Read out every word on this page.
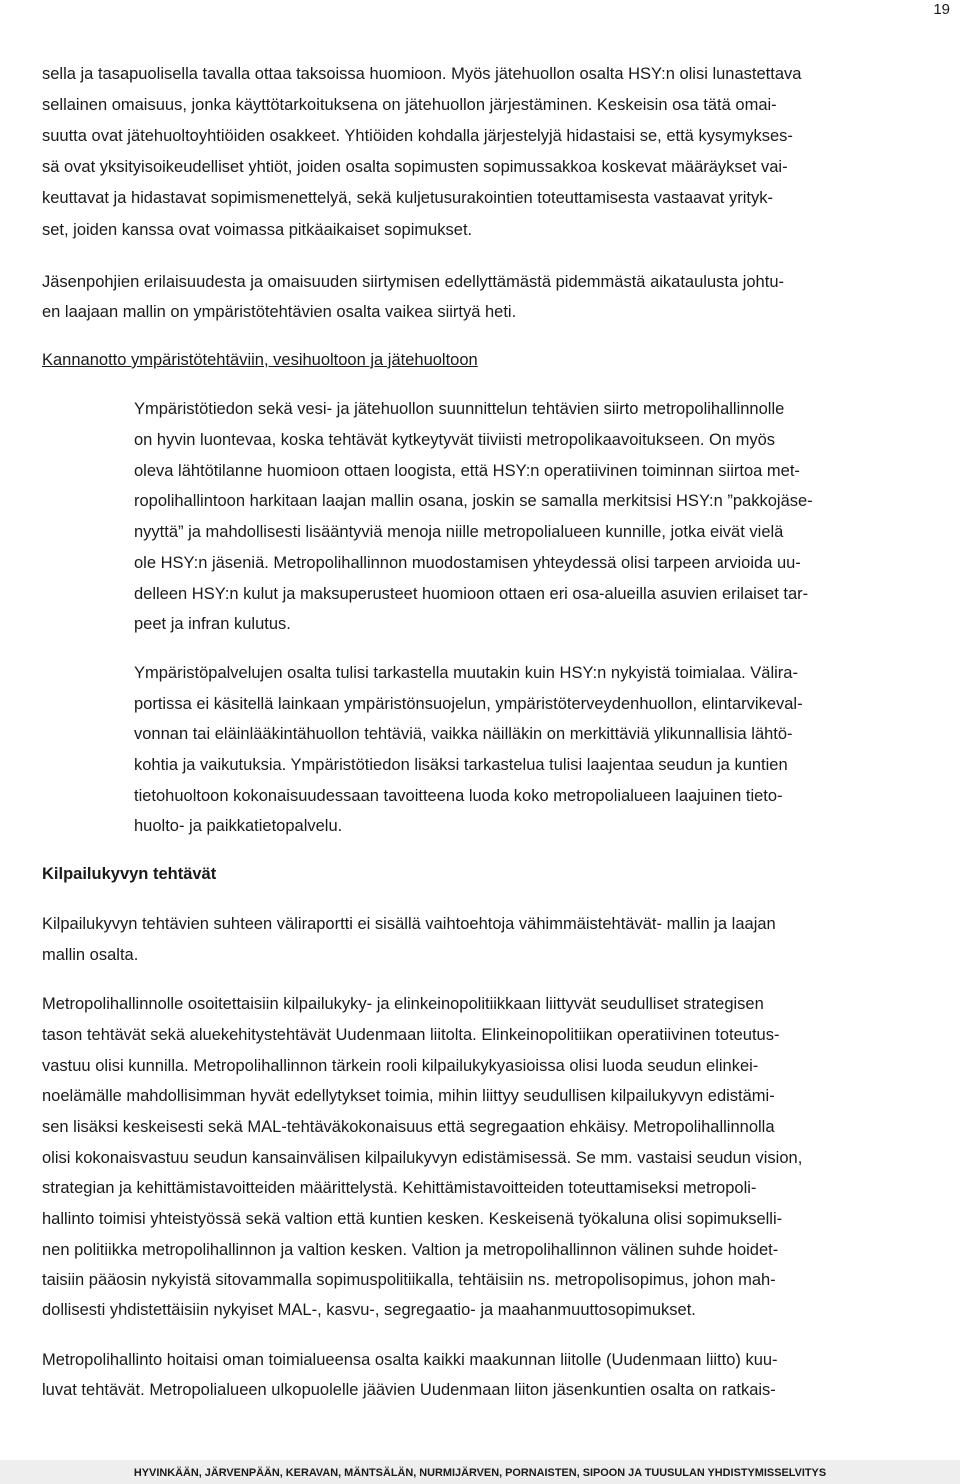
19

sella ja tasapuolisella tavalla ottaa taksoissa huomioon. Myös jätehuollon osalta HSY:n olisi lunastettava

sellainen omaisuus, jonka käyttötarkoituksena on jätehuollon järjestäminen. Keskeisin osa tätä omai-

suutta ovat jätehuoltoyhtiöiden osakkeet. Yhtiöiden kohdalla järjestelyjä hidastaisi se, että kysymykses-

sä ovat yksityisoikeudelliset yhtiöt, joiden osalta sopimusten sopimussakkoa koskevat määräykset vai-

keuttavat ja hidastavat sopimismenettelyä, sekä kuljetusurakointien toteuttamisesta vastaavat yrityk-

set, joiden kanssa ovat voimassa pitkäaikaiset sopimukset.

Jäsenpohjien erilaisuudesta ja omaisuuden siirtymisen edellyttämästä pidemmästä aikataulusta johtu-

en laajaan mallin on ympäristötehtävien osalta vaikea siirtyä heti.

Kannanotto ympäristötehtäviin, vesihuoltoon ja jätehuoltoon

Ympäristötiedon sekä vesi- ja jätehuollon suunnittelun tehtävien siirto metropolihallinnolle

on hyvin luontevaa, koska tehtävät kytkeytyvät tiiviisti metropolikaavoitukseen. On myös

oleva lähtötilanne huomioon ottaen loogista, että HSY:n operatiivinen toiminnan siirtoa met-

ropolihallintoon harkitaan laajan mallin osana, joskin se samalla merkitsisi HSY:n ”pakkojäse-

nyyttä” ja mahdollisesti lisääntyviä menoja niille metropolialueen kunnille, jotka eivät vielä

ole HSY:n jäseniä. Metropolihallinnon muodostamisen yhteydessä olisi tarpeen arvioida uu-

delleen HSY:n kulut ja maksuperusteet huomioon ottaen eri osa-alueilla asuvien erilaiset tar-

peet ja infran kulutus.

Ympäristöpalvelujen osalta tulisi tarkastella muutakin kuin HSY:n nykyistä toimialaa. Välira-

portissa ei käsitellä lainkaan ympäristönsuojelun, ympäristöterveydenhuollon, elintarvikeval-

vonnan tai eläinlääkintähuollon tehtäviä, vaikka näilläkin on merkittäviä ylikunnallisia lähtö-

kohtia ja vaikutuksia. Ympäristötiedon lisäksi tarkastelua tulisi laajentaa seudun ja kuntien

tietohuoltoon kokonaisuudessaan tavoitteena luoda koko metropolialueen laajuinen tieto-

huolto- ja paikkatietopalvelu.

Kilpailukyvyn tehtävät

Kilpailukyvyn tehtävien suhteen väliraportti ei sisällä vaihtoehtoja vähimmäistehtävät- mallin ja laajan

mallin osalta.

Metropolihallinnolle osoitettaisiin kilpailukyky- ja elinkeinopolitiikkaan liittyvät seudulliset strategisen

tason tehtävät sekä aluekehitystehtävät Uudenmaan liitolta. Elinkeinopolitiikan operatiivinen toteutus-

vastuu olisi kunnilla. Metropolihallinnon tärkein rooli kilpailukykyasioissa olisi luoda seudun elinkei-

noelämälle mahdollisimman hyvät edellytykset toimia, mihin liittyy seudullisen kilpailukyvyn edistämi-

sen lisäksi keskeisesti sekä MAL-tehtäväkokonaisuus että segregaation ehkäisy. Metropolihallinnolla

olisi kokonaisvastuu seudun kansainvälisen kilpailukyvyn edistämisessä. Se mm. vastaisi seudun vision,

strategian ja kehittämistavoitteiden määrittelystä. Kehittämistavoitteiden toteuttamiseksi metropoli-

hallinto toimisi yhteistyössä sekä valtion että kuntien kesken. Keskeisenä työkaluna olisi sopimukselli-

nen politiikka metropolihallinnon ja valtion kesken. Valtion ja metropolihallinnon välinen suhde hoidet-

taisiin pääosin nykyistä sitovammalla sopimuspolitiikalla, tehtäisiin ns. metropolisopimus, johon mah-

dollisesti yhdistettäisiin nykyiset MAL-, kasvu-, segregaatio- ja maahanmuuttosopimukset.

Metropolihallinto hoitaisi oman toimialueensa osalta kaikki maakunnan liitolle (Uudenmaan liitto) kuu-

luvat tehtävät. Metropolialueen ulkopuolelle jäävien Uudenmaan liiton jäsenkuntien osalta on ratkais-

HYVINKÄÄN, JÄRVENPÄÄN, KERAVAN, MÄNTSÄLÄN, NURMIJÄRVEN, PORNAISTEN, SIPOON JA TUUSULAN YHDISTYMISSELVITYS
